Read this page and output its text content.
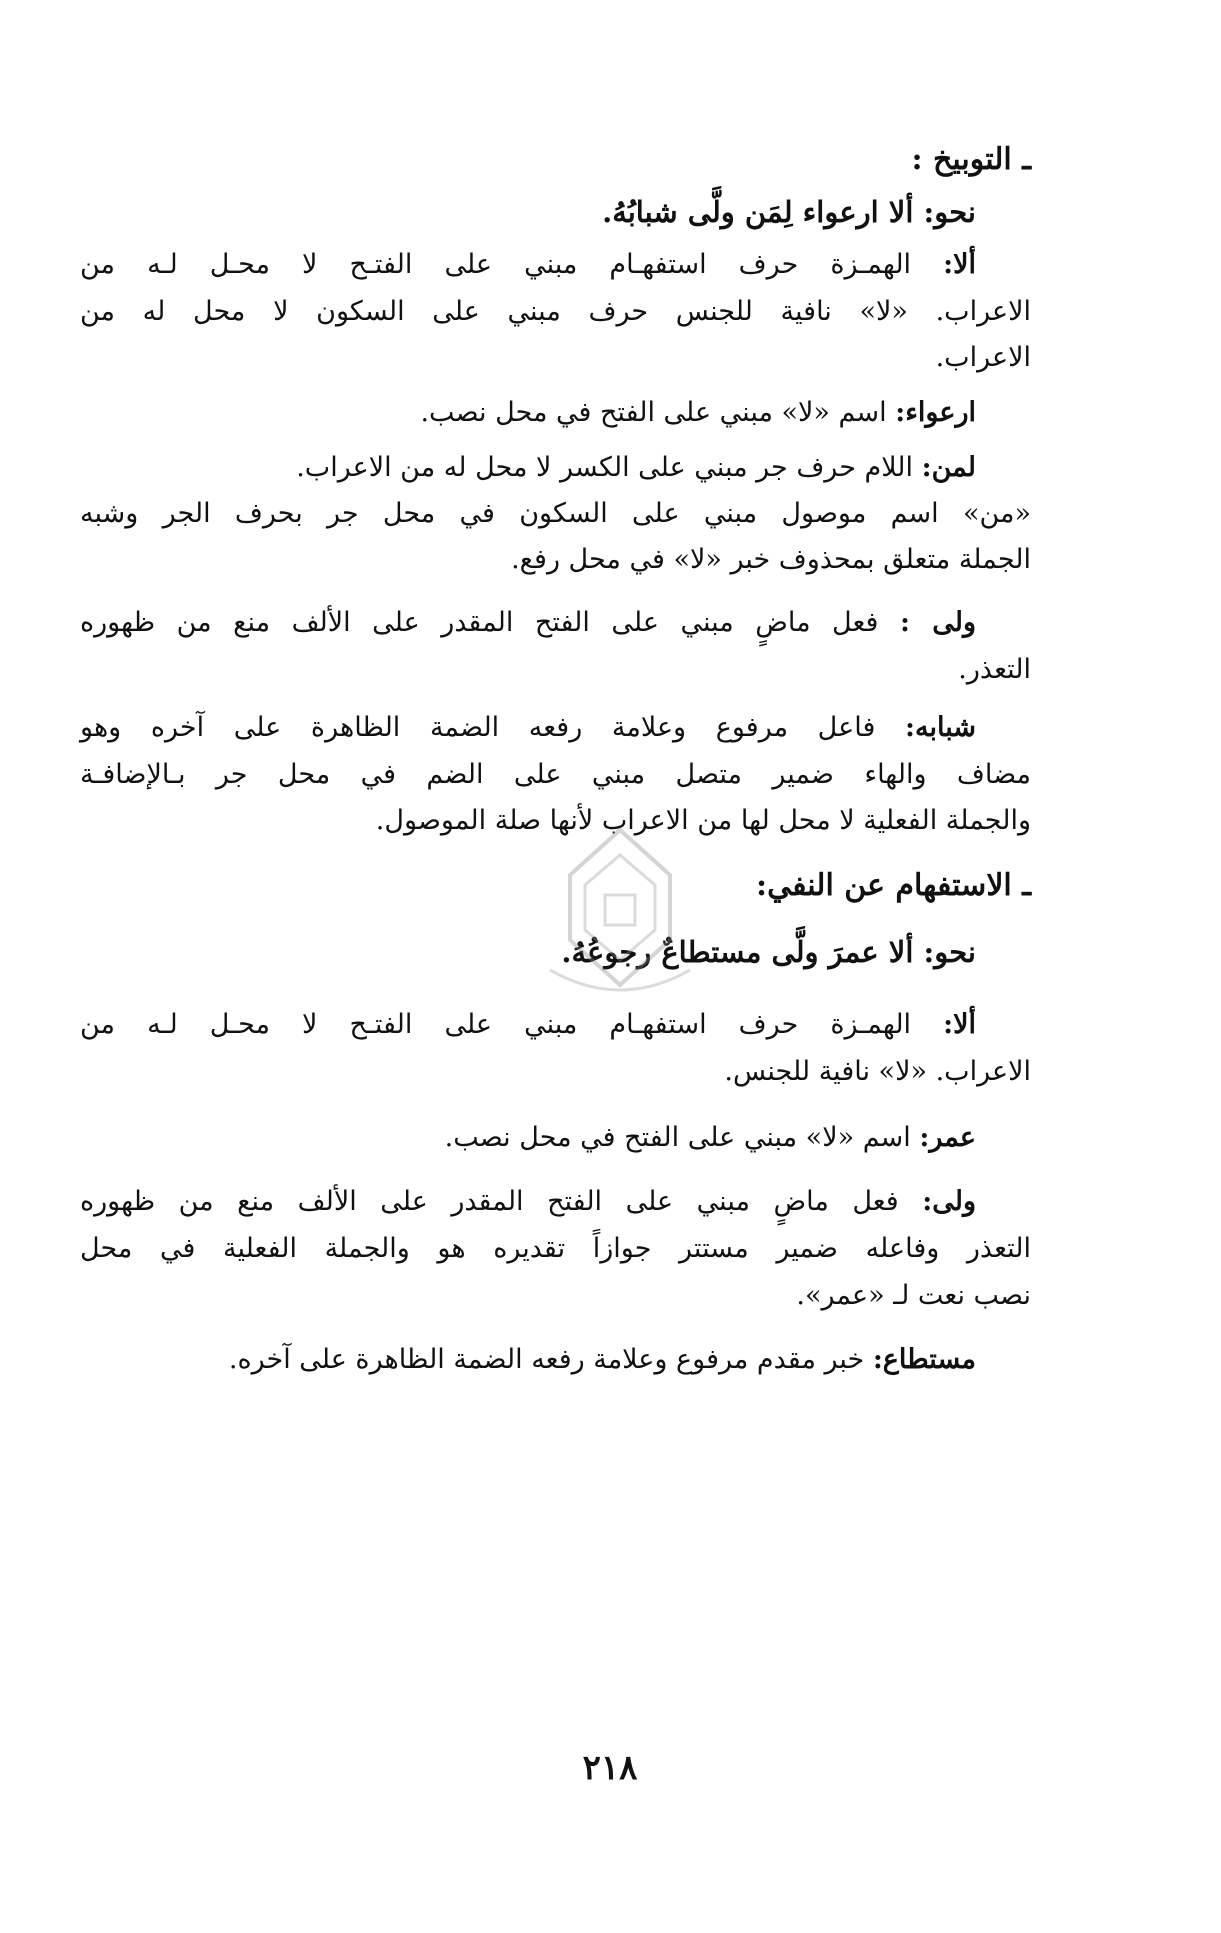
ـ التوبيخ :
نحو: ألا ارعواء لِمَن ولَّى شبابُهُ.
ألا: الهمـزة حرف استفهـام مبني على الفتـح لا محـل لـه من
الاعراب. «لا» نافية للجنس حرف مبني على السكون لا محل له من
الاعراب.
ارعواء: اسم «لا» مبني على الفتح في محل نصب.
لمن: اللام حرف جر مبني على الكسر لا محل له من الاعراب.
«من» اسم موصول مبني على السكون في محل جر بحرف الجر وشبه
الجملة متعلق بمحذوف خبر «لا» في محل رفع.
ولى : فعل ماضٍ مبني على الفتح المقدر على الألف منع من ظهوره
التعذر.
شبابه: فاعل مرفوع وعلامة رفعه الضمة الظاهرة على آخره وهو
مضاف والهاء ضمير متصل مبني على الضم في محل جر بـالإضافـة
والجملة الفعلية لا محل لها من الاعراب لأنها صلة الموصول.
ـ الاستفهام عن النفي:
نحو: ألا عمرَ ولَّى مستطاعٌ رجوعُهُ.
ألا: الهمـزة حرف استفهـام مبني على الفتـح لا محـل لـه من
الاعراب. «لا» نافية للجنس.
عمر: اسم «لا» مبني على الفتح في محل نصب.
ولى: فعل ماضٍ مبني على الفتح المقدر على الألف منع من ظهوره
التعذر وفاعله ضمير مستتر جوازاً تقديره هو والجملة الفعلية في محل
نصب نعت لـ «عمر».
مستطاع: خبر مقدم مرفوع وعلامة رفعه الضمة الظاهرة على آخره.
٢١٨
